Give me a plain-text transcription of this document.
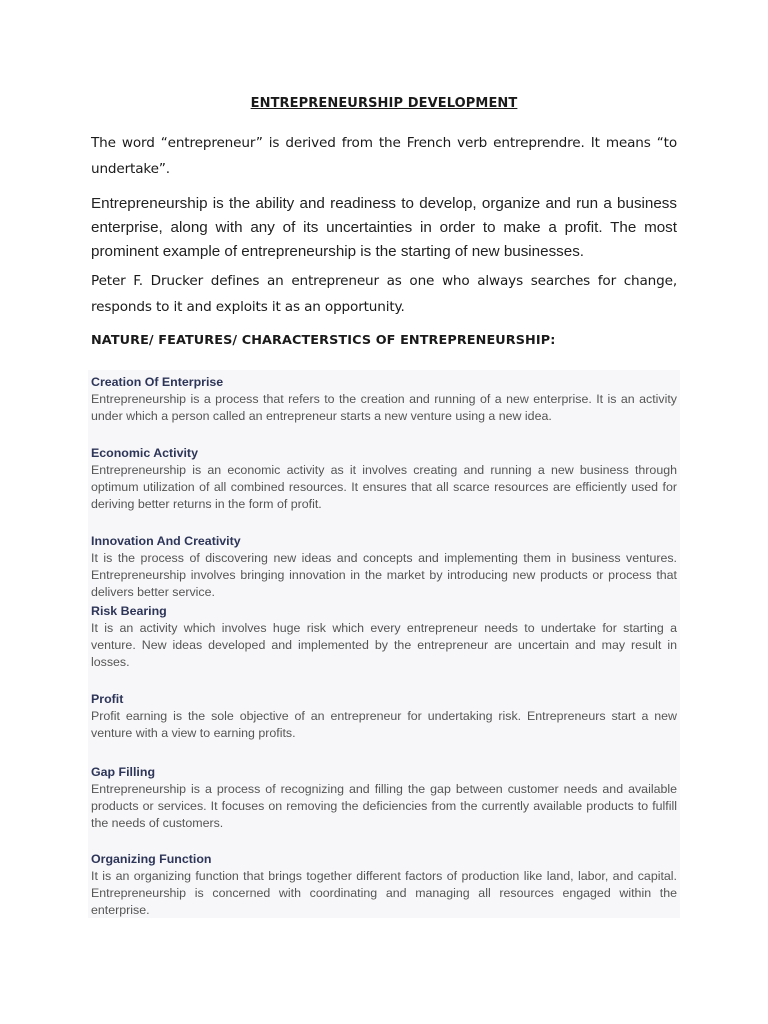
ENTREPRENEURSHIP DEVELOPMENT
The word “entrepreneur” is derived from the French verb entreprendre. It means “to undertake”.
Entrepreneurship is the ability and readiness to develop, organize and run a business enterprise, along with any of its uncertainties in order to make a profit. The most prominent example of entrepreneurship is the starting of new businesses.
Peter F. Drucker defines an entrepreneur as one who always searches for change, responds to it and exploits it as an opportunity.
NATURE/ FEATURES/ CHARACTERSTICS OF ENTREPRENEURSHIP:

Creation Of Enterprise

Entrepreneurship is a process that refers to the creation and running of a new enterprise. It is an activity under which a person called an entrepreneur starts a new venture using a new idea.

Economic Activity

Entrepreneurship is an economic activity as it involves creating and running a new business through optimum utilization of all combined resources. It ensures that all scarce resources are efficiently used for deriving better returns in the form of profit.

Innovation And Creativity

It is the process of discovering new ideas and concepts and implementing them in business ventures. Entrepreneurship involves bringing innovation in the market by introducing new products or process that delivers better service.

Risk Bearing

It is an activity which involves huge risk which every entrepreneur needs to undertake for starting a venture. New ideas developed and implemented by the entrepreneur are uncertain and may result in losses.

Profit

Profit earning is the sole objective of an entrepreneur for undertaking risk. Entrepreneurs start a new venture with a view to earning profits.

Gap Filling

Entrepreneurship is a process of recognizing and filling the gap between customer needs and available products or services. It focuses on removing the deficiencies from the currently available products to fulfill the needs of customers.

Organizing Function

It is an organizing function that brings together different factors of production like land, labor, and capital. Entrepreneurship is concerned with coordinating and managing all resources engaged within the enterprise.
